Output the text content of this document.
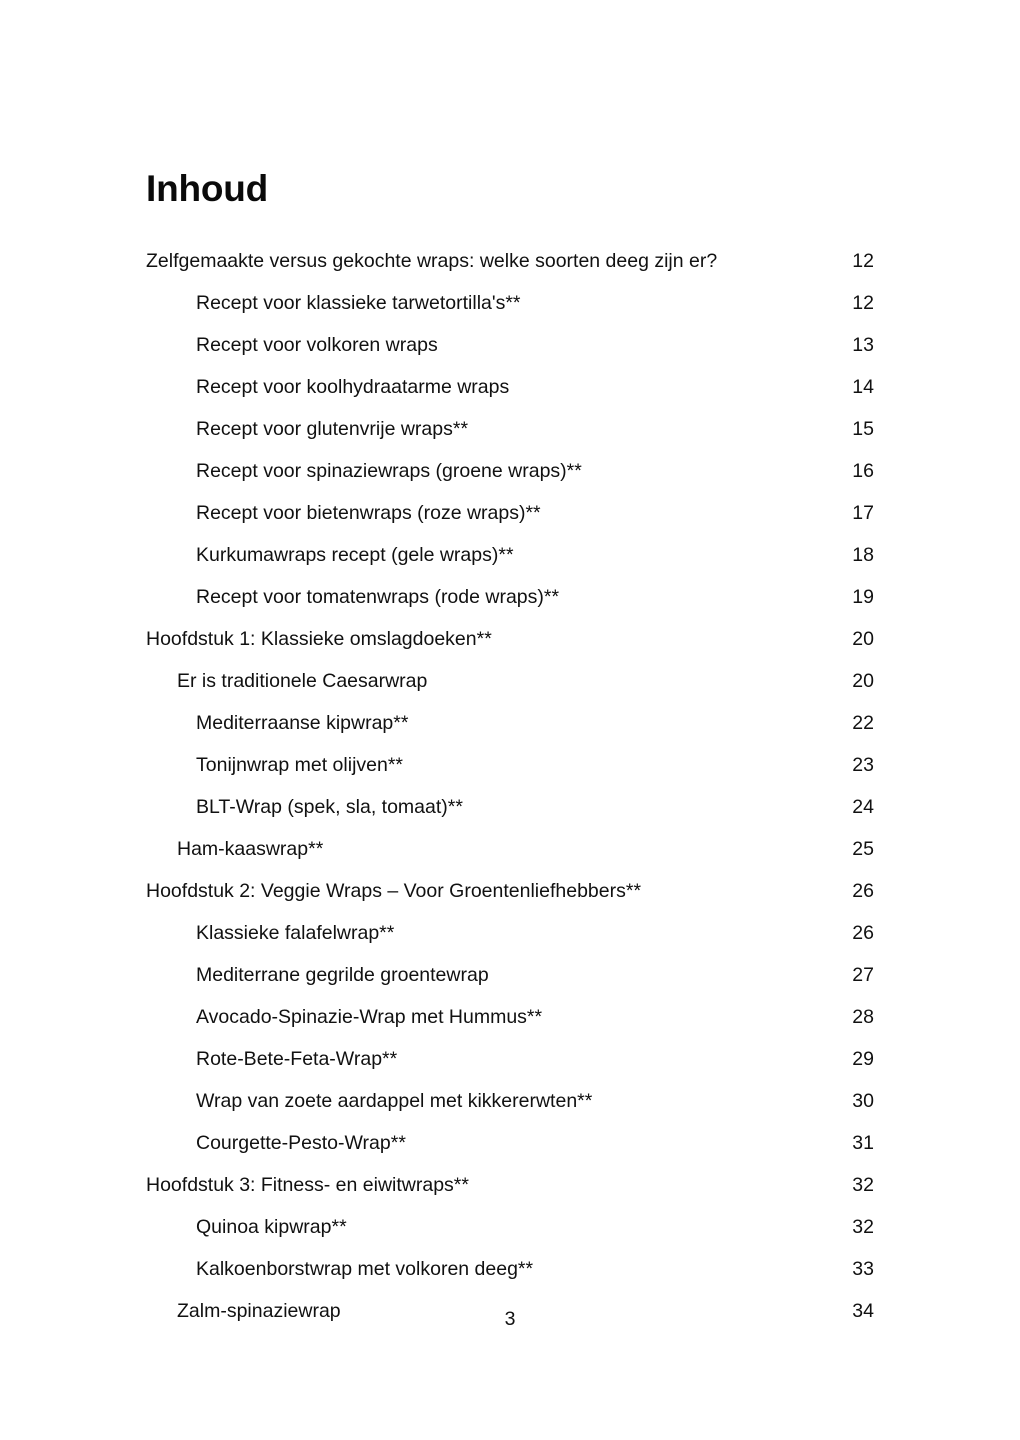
Inhoud
Zelfgemaakte versus gekochte wraps: welke soorten deeg zijn er? .....	12
Recept voor klassieke tarwetortilla's** .....	12
Recept voor volkoren wraps .....	13
Recept voor koolhydraatarme wraps .....	14
Recept voor glutenvrije wraps** .....	15
Recept voor spinaziewraps (groene wraps)** .....	16
Recept voor bietenwraps (roze wraps)** .....	17
Kurkumawraps recept (gele wraps)** .....	18
Recept voor tomatenwraps (rode wraps)** .....	19
Hoofdstuk 1: Klassieke omslagdoeken** .....	20
Er is traditionele Caesarwrap .....	20
Mediterraanse kipwrap** .....	22
Tonijnwrap met olijven** .....	23
BLT-Wrap (spek, sla, tomaat)** .....	24
Ham-kaaswrap** .....	25
Hoofdstuk 2: Veggie Wraps – Voor Groentenliefhebbers** .....	26
Klassieke falafelwrap** .....	26
Mediterrane gegrilde groentewrap .....	27
Avocado-Spinazie-Wrap met Hummus** .....	28
Rote-Bete-Feta-Wrap** .....	29
Wrap van zoete aardappel met kikkererwten** .....	30
Courgette-Pesto-Wrap** .....	31
Hoofdstuk 3: Fitness- en eiwitwraps** .....	32
Quinoa kipwrap** .....	32
Kalkoenborstwrap met volkoren deeg** .....	33
Zalm-spinaziewrap .....	34
3
